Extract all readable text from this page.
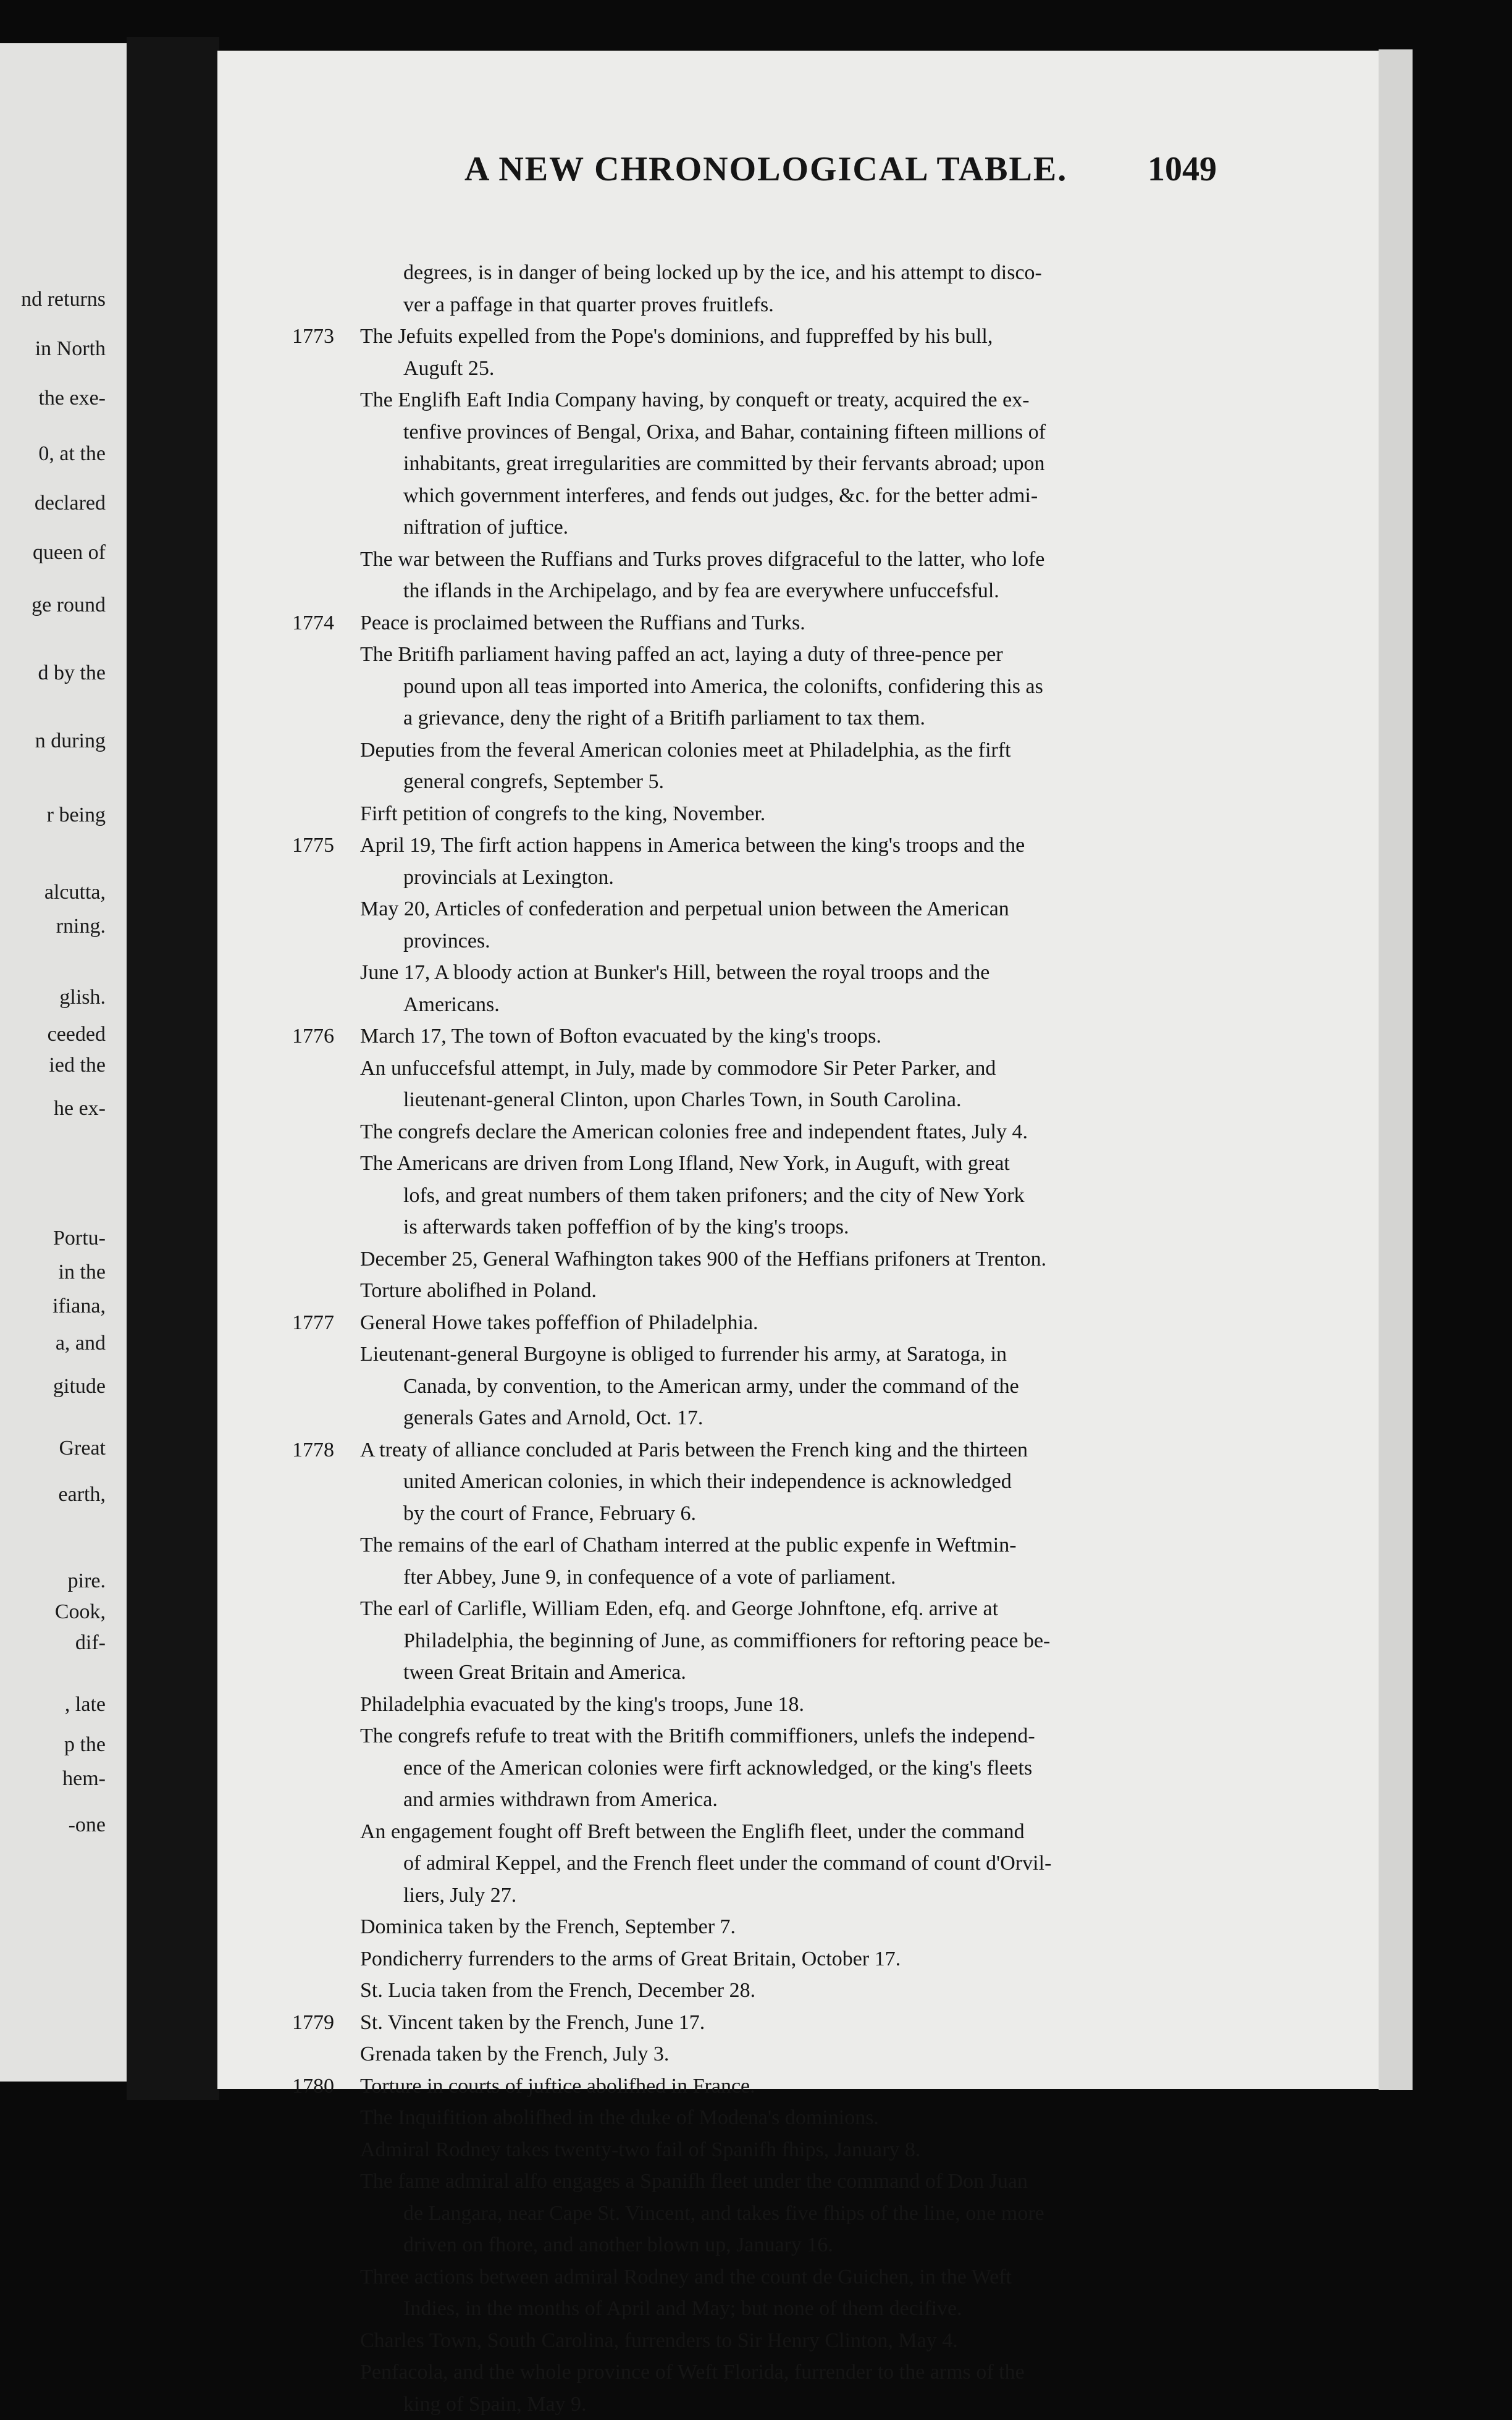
nd returns
in North
the exe-
0, at the
declared
queen of
ge round
d by the
n during
r being
alcutta,
rning.
glish.
ceeded
ied the
he ex-
Portu-
in the
ifiana,
a, and
gitude
Great
earth,
pire.
Cook,
dif-
, late
p the
hem-
-one
A NEW CHRONOLOGICAL TABLE. 1049
degrees, is in danger of being locked up by the ice, and his attempt to disco-
ver a paffage in that quarter proves fruitlefs.
1773 The Jefuits expelled from the Pope's dominions, and fuppreffed by his bull,
Auguft 25.
The Englifh Eaft India Company having, by conqueft or treaty, acquired the ex-
tenfive provinces of Bengal, Orixa, and Bahar, containing fifteen millions of
inhabitants, great irregularities are committed by their fervants abroad; upon
which government interferes, and fends out judges, &c. for the better admi-
niftration of juftice.
The war between the Ruffians and Turks proves difgraceful to the latter, who lofe
the iflands in the Archipelago, and by fea are everywhere unfuccefsful.
1774 Peace is proclaimed between the Ruffians and Turks.
The Britifh parliament having paffed an act, laying a duty of three-pence per
pound upon all teas imported into America, the colonifts, confidering this as
a grievance, deny the right of a Britifh parliament to tax them.
Deputies from the feveral American colonies meet at Philadelphia, as the firft
general congrefs, September 5.
Firft petition of congrefs to the king, November.
1775 April 19, The firft action happens in America between the king's troops and the
provincials at Lexington.
May 20, Articles of confederation and perpetual union between the American
provinces.
June 17, A bloody action at Bunker's Hill, between the royal troops and the
Americans.
1776 March 17, The town of Bofton evacuated by the king's troops.
An unfuccefsful attempt, in July, made by commodore Sir Peter Parker, and
lieutenant-general Clinton, upon Charles Town, in South Carolina.
The congrefs declare the American colonies free and independent ftates, July 4.
The Americans are driven from Long Ifland, New York, in Auguft, with great
lofs, and great numbers of them taken prifoners; and the city of New York
is afterwards taken poffeffion of by the king's troops.
December 25, General Wafhington takes 900 of the Heffians prifoners at Trenton.
Torture abolifhed in Poland.
1777 General Howe takes poffeffion of Philadelphia.
Lieutenant-general Burgoyne is obliged to furrender his army, at Saratoga, in
Canada, by convention, to the American army, under the command of the
generals Gates and Arnold, Oct. 17.
1778 A treaty of alliance concluded at Paris between the French king and the thirteen
united American colonies, in which their independence is acknowledged
by the court of France, February 6.
The remains of the earl of Chatham interred at the public expenfe in Weftmin-
fter Abbey, June 9, in confequence of a vote of parliament.
The earl of Carlifle, William Eden, efq. and George Johnftone, efq. arrive at
Philadelphia, the beginning of June, as commiffioners for reftoring peace be-
tween Great Britain and America.
Philadelphia evacuated by the king's troops, June 18.
The congrefs refufe to treat with the Britifh commiffioners, unlefs the independ-
ence of the American colonies were firft acknowledged, or the king's fleets
and armies withdrawn from America.
An engagement fought off Breft between the Englifh fleet, under the command
of admiral Keppel, and the French fleet under the command of count d'Orvil-
liers, July 27.
Dominica taken by the French, September 7.
Pondicherry furrenders to the arms of Great Britain, October 17.
St. Lucia taken from the French, December 28.
1779 St. Vincent taken by the French, June 17.
Grenada taken by the French, July 3.
1780 Torture in courts of juftice abolifhed in France.
The Inquifition abolifhed in the duke of Modena's dominions.
Admiral Rodney takes twenty-two fail of Spanifh fhips, January 8.
The fame admiral alfo engages a Spanifh fleet under the command of Don Juan
de Langara, near Cape St. Vincent, and takes five fhips of the line, one more
driven on fhore, and another blown up, January 16.
Three actions between admiral Rodney and the count de Guichen, in the Weft
Indies, in the months of April and May; but none of them decifive.
Charles Town, South Carolina, furrenders to Sir Henry Clinton, May 4.
Penfacola, and the whole province of Weft Florida, furrender to the arms of the
king of Spain, May 9.
